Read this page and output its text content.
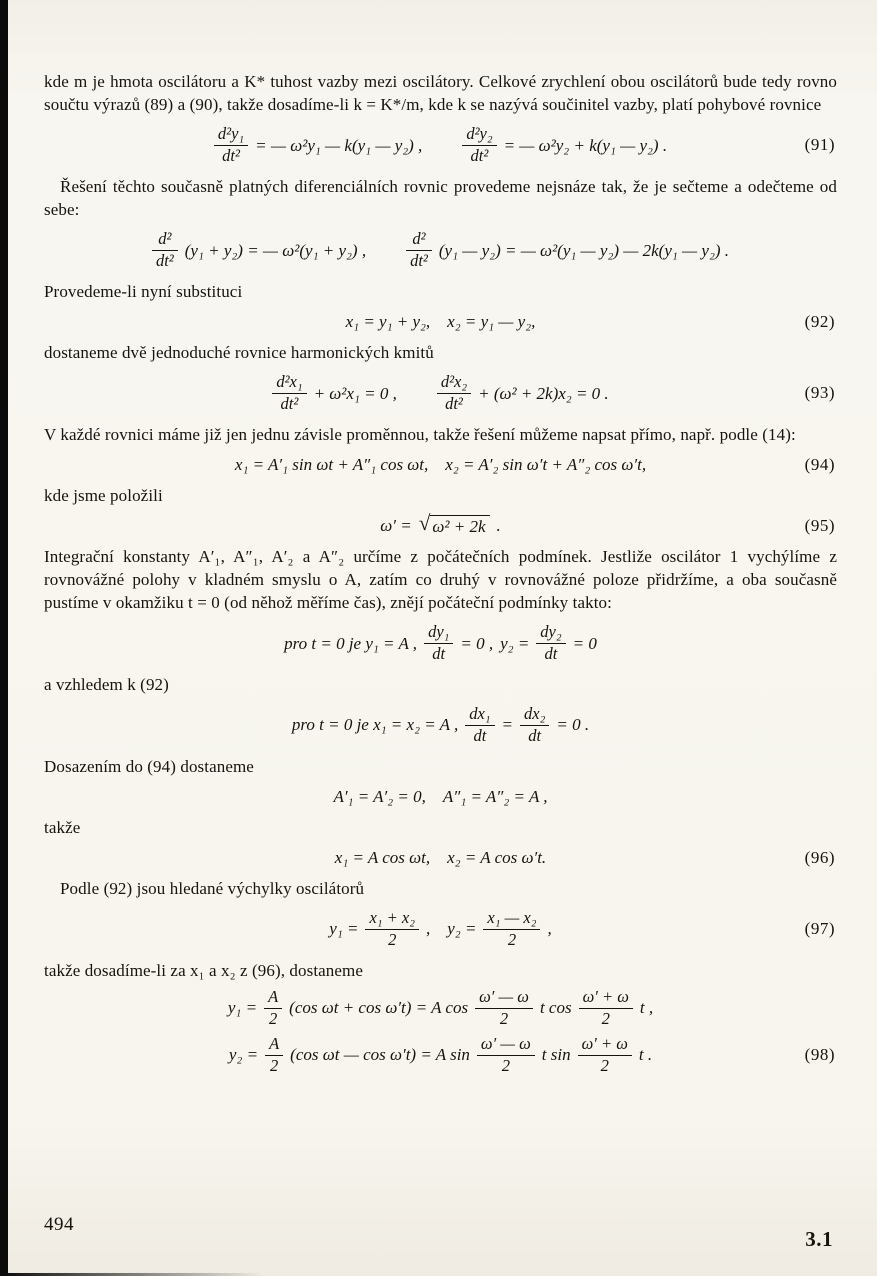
kde m je hmota oscilátoru a K* tuhost vazby mezi oscilátory. Celkové zrychlení obou oscilátorů bude tedy rovno součtu výrazů (89) a (90), takže dosadíme-li k = K*/m, kde k se nazývá součinitel vazby, platí pohybové rovnice

$\frac{\text{d²y₁}}{\text{dt²}}$ = — ω²y₁ — k(y₁ — y₂) , $\frac{\text{d²y₂}}{\text{dt²}}$ = — ω²y₂ + k(y₁ — y₂) .	(91)

Řešení těchto současně platných diferenciálních rovnic provedeme nejsnáze tak, že je sečteme a odečteme od sebe:

$\frac{\text{d²}}{\text{dt²}} (y_1 + y_2)$ = — ω²(y₁ + y₂) , $\frac{\text{d²}}{\text{dt²}} (y_1$ — y₂) = — ω²(y₁ — y₂) — 2k(y₁ — y₂) .

Provedeme-li nyní substituci

x₁ = y₁ + y₂, x₂ = y₁ — y₂,	(92)

dostaneme dvě jednoduché rovnice harmonických kmitů

$\frac{\text{d²x₁}}{\text{dt²}} + \omega^2x_1 = 0$ , $\frac{\text{d²x₂}}{\text{dt²}} + (\omega^2 + 2k)x_2 = 0$ .	(93)

V každé rovnici máme již jen jednu závisle proměnnou, takže řešení můžeme napsat přímo, např. podle (14):

x₁ = A′₁ sin ωt + A″₁ cos ωt, x₂ = A′₂ sin ω′t + A″₂ cos ω′t,	(94)

kde jsme položili

ω′ = √ ω² + 2k .	(95)

Integrační konstanty A′₁, A″₁, A′₂ a A″₂ určíme z počátečních podmínek. Jestliže oscilátor 1 vychýlíme z rovnovážné polohy v kladném smyslu o A, zatím co druhý v rovnovážné poloze přidržíme, a oba současně pustíme v okamžiku t = 0 (od něhož měříme čas), znějí počáteční podmínky takto:

pro t = 0 je y₁ = A , $\frac{\text{dy₁}}{dt} = 0$ , $y_2 = \frac{\text{dy₂}}{dt} = 0$

a vzhledem k (92)

pro t = 0 je x₁ = x₂ = A , $\frac{\text{dx₁}}{dt} = \frac{\text{dx₂}}{dt} = 0$ .

Dosazením do (94) dostaneme

A′₁ = A′₂ = 0, A″₁ = A″₂ = A ,

takže

x₁ = A cos ωt, x₂ = A cos ω′t.	(96)

Podle (92) jsou hledané výchylky oscilátorů

$y_1 = \frac{\text{x₁ + x₂}}{2}$ , $y_2 = \frac{\text{x₁ — x₂}}{2}$ ,	(97)

takže dosadíme-li za x₁ a x₂ z (96), dostaneme

$y_1 = \frac{A}{2} (\cos$ ωt + cos ω′t) = A $\cos \frac{\omega' — \omega}{2}$ t $\cos \frac{\omega' + \omega}{2}$ t ,
$y_2 = \frac{A}{2} (\cos$ ωt — cos ω′t) = A $\sin \frac{\omega' — \omega}{2}$ t $\sin \frac{\omega' + \omega}{2}$ t .	(98)
494
3.1
